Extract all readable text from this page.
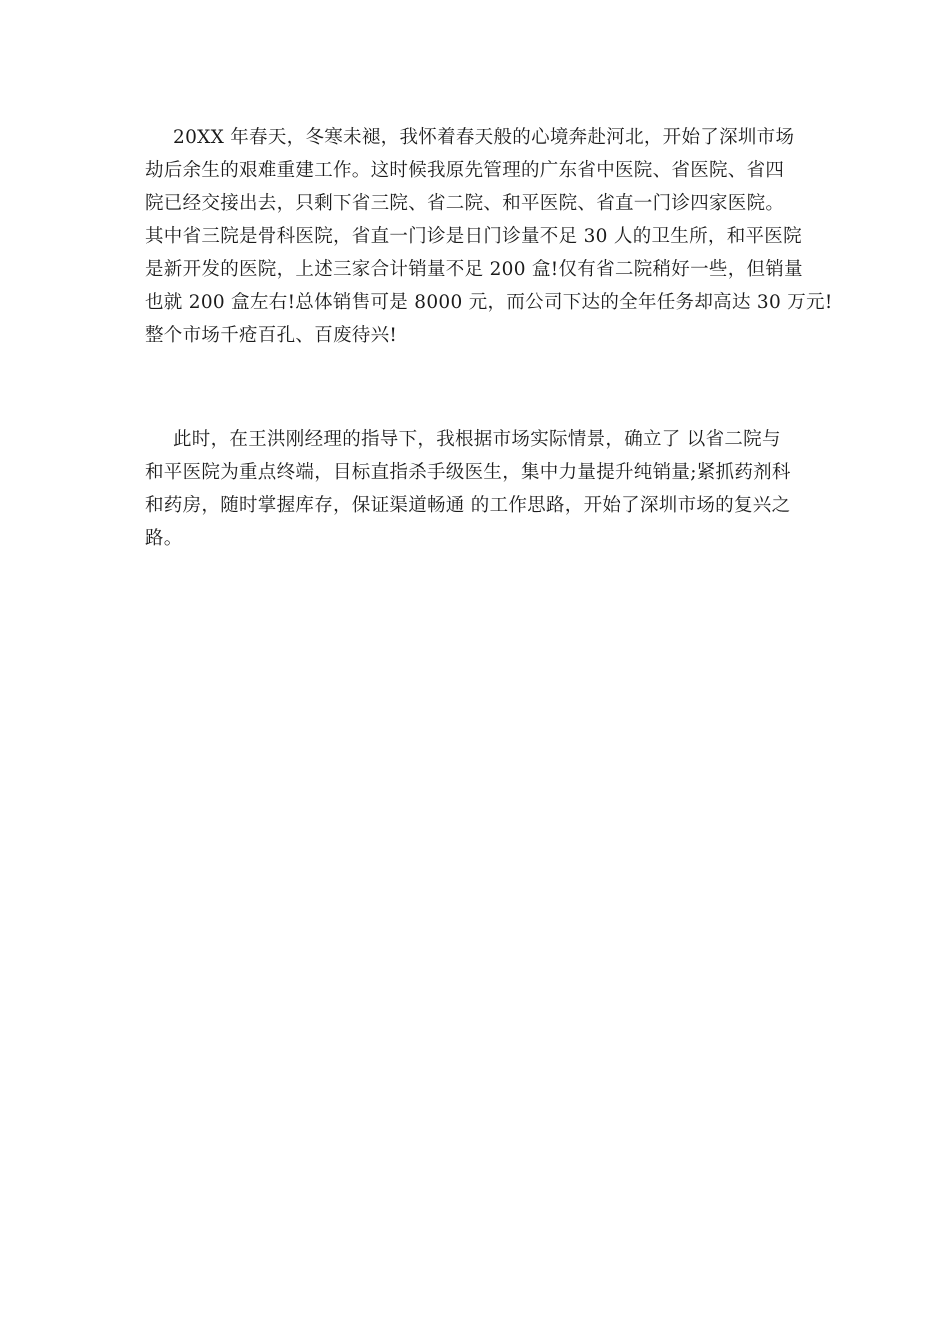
20XX 年春天，冬寒未褪，我怀着春天般的心境奔赴河北，开始了深圳市场
劫后余生的艰难重建工作。这时候我原先管理的广东省中医院、省医院、省四
院已经交接出去，只剩下省三院、省二院、和平医院、省直一门诊四家医院。
其中省三院是骨科医院，省直一门诊是日门诊量不足 30 人的卫生所，和平医院
是新开发的医院，上述三家合计销量不足 200 盒!仅有省二院稍好一些，但销量
也就 200 盒左右!总体销售可是 8000 元，而公司下达的全年任务却高达 30 万元!
整个市场千疮百孔、百废待兴!
此时，在王洪刚经理的指导下，我根据市场实际情景，确立了 以省二院与
和平医院为重点终端，目标直指杀手级医生，集中力量提升纯销量;紧抓药剂科
和药房，随时掌握库存，保证渠道畅通 的工作思路，开始了深圳市场的复兴之
路。
